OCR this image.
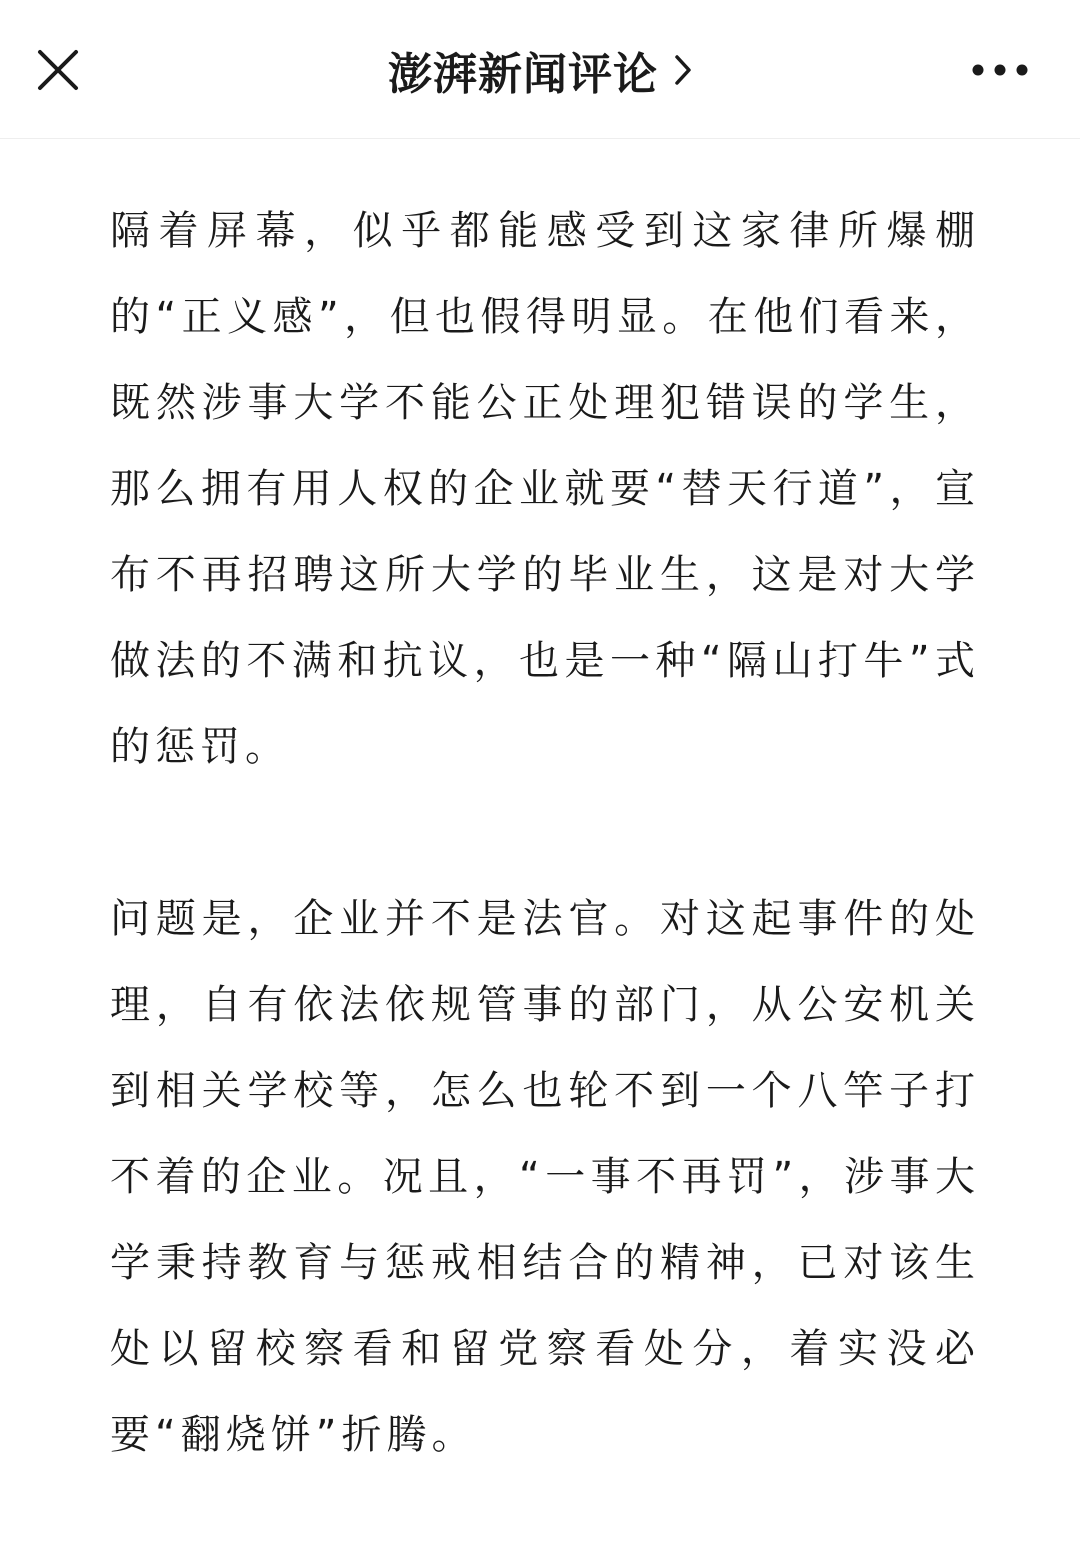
澎湃新闻评论

隔着屏幕，似乎都能感受到这家律所爆棚的“正义感”，但也假得明显。在他们看来，既然涉事大学不能公正处理犯错误的学生，那么拥有用人权的企业就要“替天行道”，宣布不再招聘这所大学的毕业生，这是对大学做法的不满和抗议，也是一种“隔山打牛”式的惩罚。

问题是，企业并不是法官。对这起事件的处理，自有依法依规管事的部门，从公安机关到相关学校等，怎么也轮不到一个八竿子打不着的企业。况且，“一事不再罚”，涉事大学秉持教育与惩戒相结合的精神，已对该生处以留校察看和留党察看处分，着实没必要“翻烧饼”折腾。
